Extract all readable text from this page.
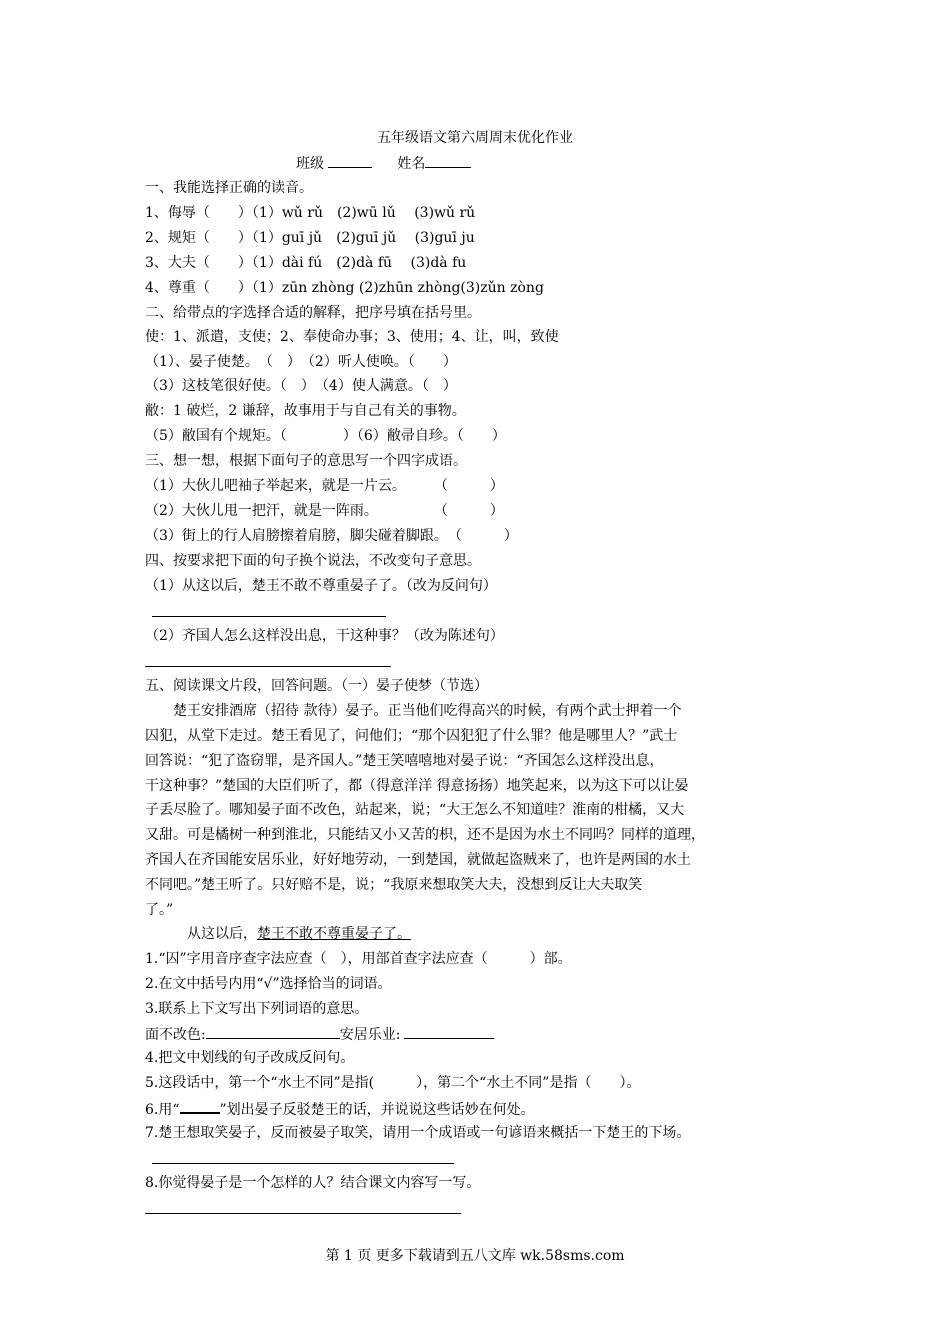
五年级语文第六周周末优化作业
班级	姓名
一、我能选择正确的读音。
1、侮辱（　　）（1）wǔ rǔ　(2)wū lǔ　 (3)wǔ rǔ
2、规矩（　　）（1）guī jǔ　(2)guī jǔ　 (3)guī ju
3、大夫（　　）（1）dài fú　(2)dà fū　 (3)dà fu
4、尊重（　　）（1）zūn zhòng (2)zhūn zhòng(3)zǔn zòng
二、给带点的字选择合适的解释，把序号填在括号里。
使：1、派遣，支使；2、奉使命办事；3、使用；4、让，叫，致使
（1）、晏子使楚。　（　）　（2）听人使唤。（　　）
（3）这枝笔很好使。（　）　（4）使人满意。（　）
敝：1 破烂，2 谦辞，故事用于与自己有关的事物。
（5）敝国有个规矩。（　　　　）（6）敝帚自珍。（　　）
三、想一想，根据下面句子的意思写一个四字成语。
（1）大伙儿吧袖子举起来，就是一片云。　　　（　　　）
（2）大伙儿甩一把汗，就是一阵雨。　　　　　（　　　）
（3）街上的行人肩膀擦着肩膀，脚尖碰着脚跟。　（　　　）
四、按要求把下面的句子换个说法，不改变句子意思。
（1）从这以后，楚王不敢不尊重晏子了。（改为反问句）
（2）齐国人怎么这样没出息，干这种事？（改为陈述句）
五、阅读课文片段，回答问题。（一）晏子使梦（节选）
　　楚王安排酒席（招待 款待）晏子。正当他们吃得高兴的时候，有两个武士押着一个
囚犯，从堂下走过。楚王看见了，问他们；“那个囚犯犯了什么罪？他是哪里人？”武士
回答说：“犯了盗窃罪，是齐国人。”楚王笑嘻嘻地对晏子说：“齐国怎么这样没出息，
干这种事？”楚国的大臣们听了，都（得意洋洋 得意扬扬）地笑起来，以为这下可以让晏
子丢尽脸了。哪知晏子面不改色，站起来，说；“大王怎么不知道哇？淮南的柑橘，又大
又甜。可是橘树一种到淮北，只能结又小又苦的枳，还不是因为水土不同吗？同样的道理，
齐国人在齐国能安居乐业，好好地劳动，一到楚国，就做起盗贼来了，也许是两国的水土
不同吧。”楚王听了。只好赔不是，说；“我原来想取笑大夫，没想到反让大夫取笑
了。”
　　　从这以后，楚王不敢不尊重晏子了。
1.“囚”字用音序查字法应查（　），用部首查字法应查（　　　）部。
2.在文中括号内用“√”选择恰当的词语。
3.联系上下文写出下列词语的意思。
面不改色:	安居乐业:
4.把文中划线的句子改成反问句。
5.这段话中，第一个“水土不同”是指(　　　），第二个“水土不同”是指（　　）。
6.用“	”划出晏子反驳楚王的话，并说说这些话妙在何处。
7.楚王想取笑晏子，反而被晏子取笑，请用一个成语或一句谚语来概括一下楚王的下场。
8.你觉得晏子是一个怎样的人？结合课文内容写一写。
第 1 页 更多下载请到五八文库 wk.58sms.com
